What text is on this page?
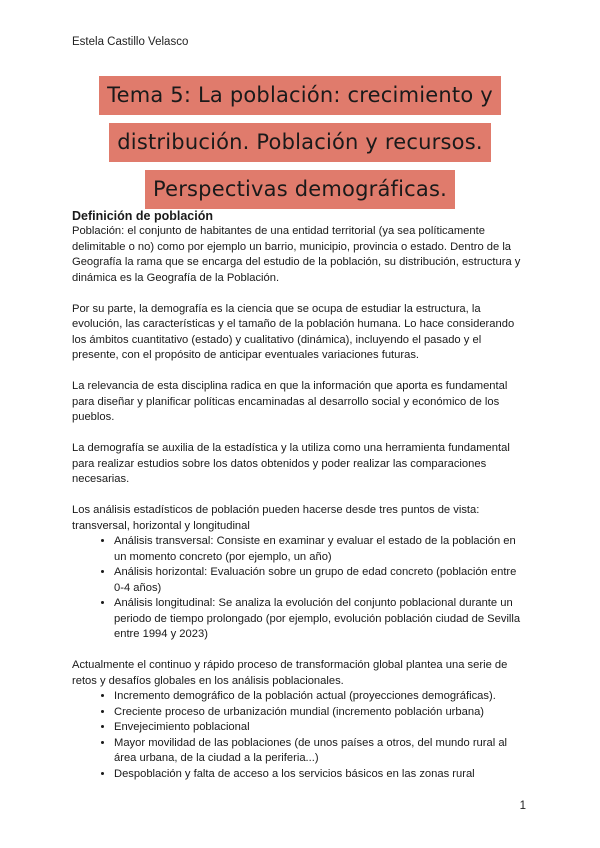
Estela Castillo Velasco
Tema 5: La población: crecimiento y
distribución. Población y recursos.
Perspectivas demográficas.
Definición de población

Población: el conjunto de habitantes de una entidad territorial (ya sea políticamente delimitable o no) como por ejemplo un barrio, municipio, provincia o estado. Dentro de la Geografía la rama que se encarga del estudio de la población, su distribución, estructura y dinámica es la Geografía de la Población.

Por su parte, la demografía es la ciencia que se ocupa de estudiar la estructura, la evolución, las características y el tamaño de la población humana. Lo hace considerando los ámbitos cuantitativo (estado) y cualitativo (dinámica), incluyendo el pasado y el presente, con el propósito de anticipar eventuales variaciones futuras.

La relevancia de esta disciplina radica en que la información que aporta es fundamental para diseñar y planificar políticas encaminadas al desarrollo social y económico de los pueblos.

La demografía se auxilia de la estadística y la utiliza como una herramienta fundamental para realizar estudios sobre los datos obtenidos y poder realizar las comparaciones necesarias.

Los análisis estadísticos de población pueden hacerse desde tres puntos de vista: transversal, horizontal y longitudinal

• Análisis transversal: Consiste en examinar y evaluar el estado de la población en un momento concreto (por ejemplo, un año)
• Análisis horizontal: Evaluación sobre un grupo de edad concreto (población entre 0-4 años)
• Análisis longitudinal: Se analiza la evolución del conjunto poblacional durante un periodo de tiempo prolongado (por ejemplo, evolución población ciudad de Sevilla entre 1994 y 2023)

Actualmente el continuo y rápido proceso de transformación global plantea una serie de retos y desafíos globales en los análisis poblacionales.

• Incremento demográfico de la población actual (proyecciones demográficas).
• Creciente proceso de urbanización mundial (incremento población urbana)
• Envejecimiento poblacional
• Mayor movilidad de las poblaciones (de unos países a otros, del mundo rural al área urbana, de la ciudad a la periferia...)
• Despoblación y falta de acceso a los servicios básicos en las zonas rural
1
